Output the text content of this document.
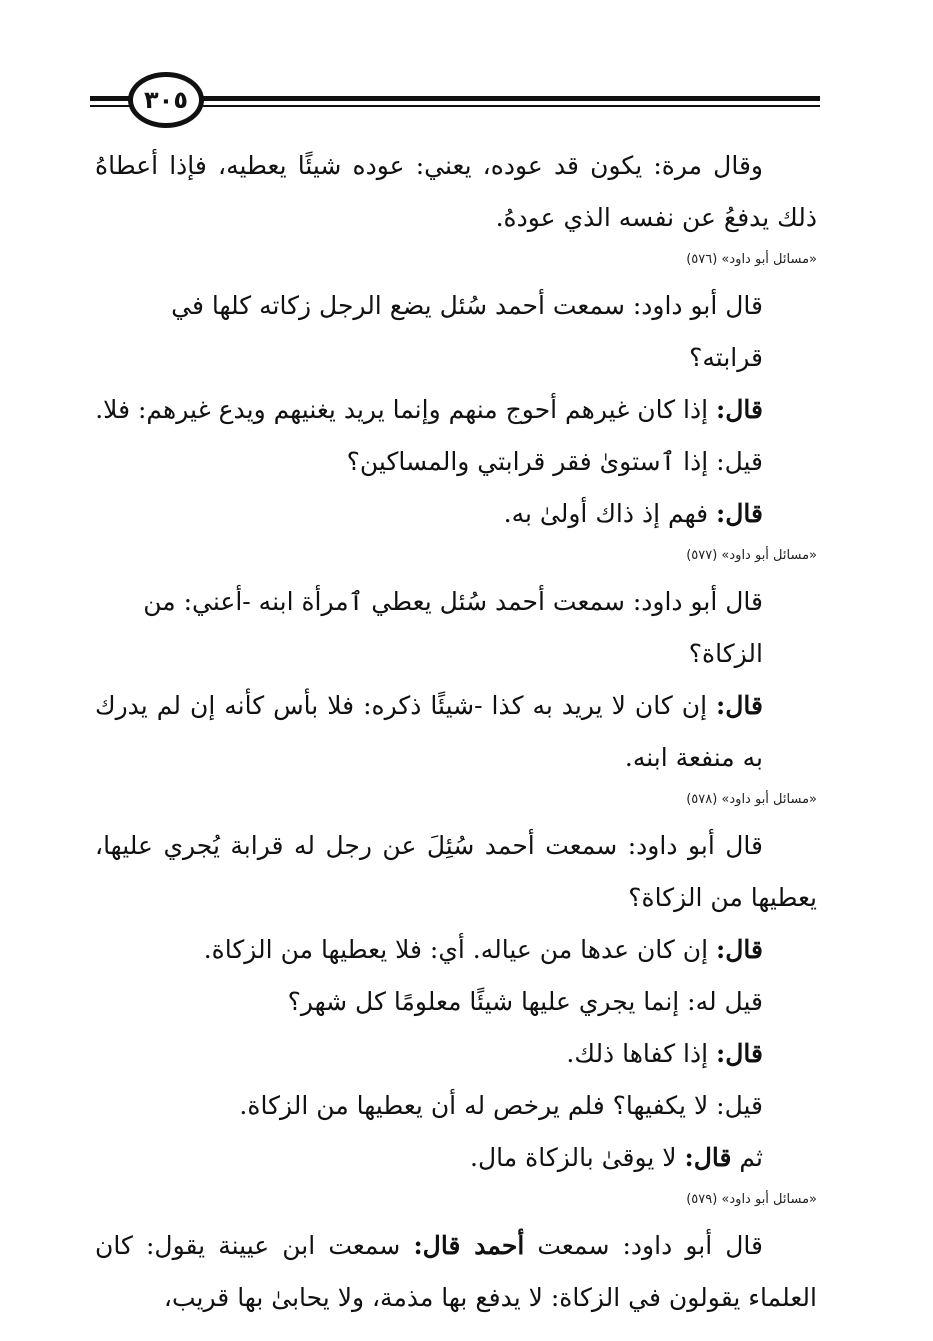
٣٠٥

وقال مرة: يكون قد عوده، يعني: عوده شيئًا يعطيه، فإذا أعطاهُ ذلك يدفعُ عن نفسه الذي عودهُ.

«مسائل أبو داود» (٥٧٦)

قال أبو داود: سمعت أحمد سُئل يضع الرجل زكاته كلها في قرابته؟

قال: إذا كان غيرهم أحوج منهم وإنما يريد يغنيهم ويدع غيرهم: فلا.

قيل: إذا ٱستوىٰ فقر قرابتي والمساكين؟

قال: فهم إذ ذاك أولىٰ به.

«مسائل أبو داود» (٥٧٧)

قال أبو داود: سمعت أحمد سُئل يعطي ٱمرأة ابنه -أعني: من الزكاة؟

قال: إن كان لا يريد به كذا -شيئًا ذكره: فلا بأس كأنه إن لم يدرك به منفعة ابنه.

«مسائل أبو داود» (٥٧٨)

قال أبو داود: سمعت أحمد سُئِلَ عن رجل له قرابة يُجري عليها، يعطيها من الزكاة؟

قال: إن كان عدها من عياله. أي: فلا يعطيها من الزكاة.

قيل له: إنما يجري عليها شيئًا معلومًا كل شهر؟

قال: إذا كفاها ذلك.

قيل: لا يكفيها؟ فلم يرخص له أن يعطيها من الزكاة.

ثم قال: لا يوقىٰ بالزكاة مال.

«مسائل أبو داود» (٥٧٩)

قال أبو داود: سمعت أحمد قال: سمعت ابن عيينة يقول: كان العلماء يقولون في الزكاة: لا يدفع بها مذمة، ولا يحابىٰ بها قريب،
